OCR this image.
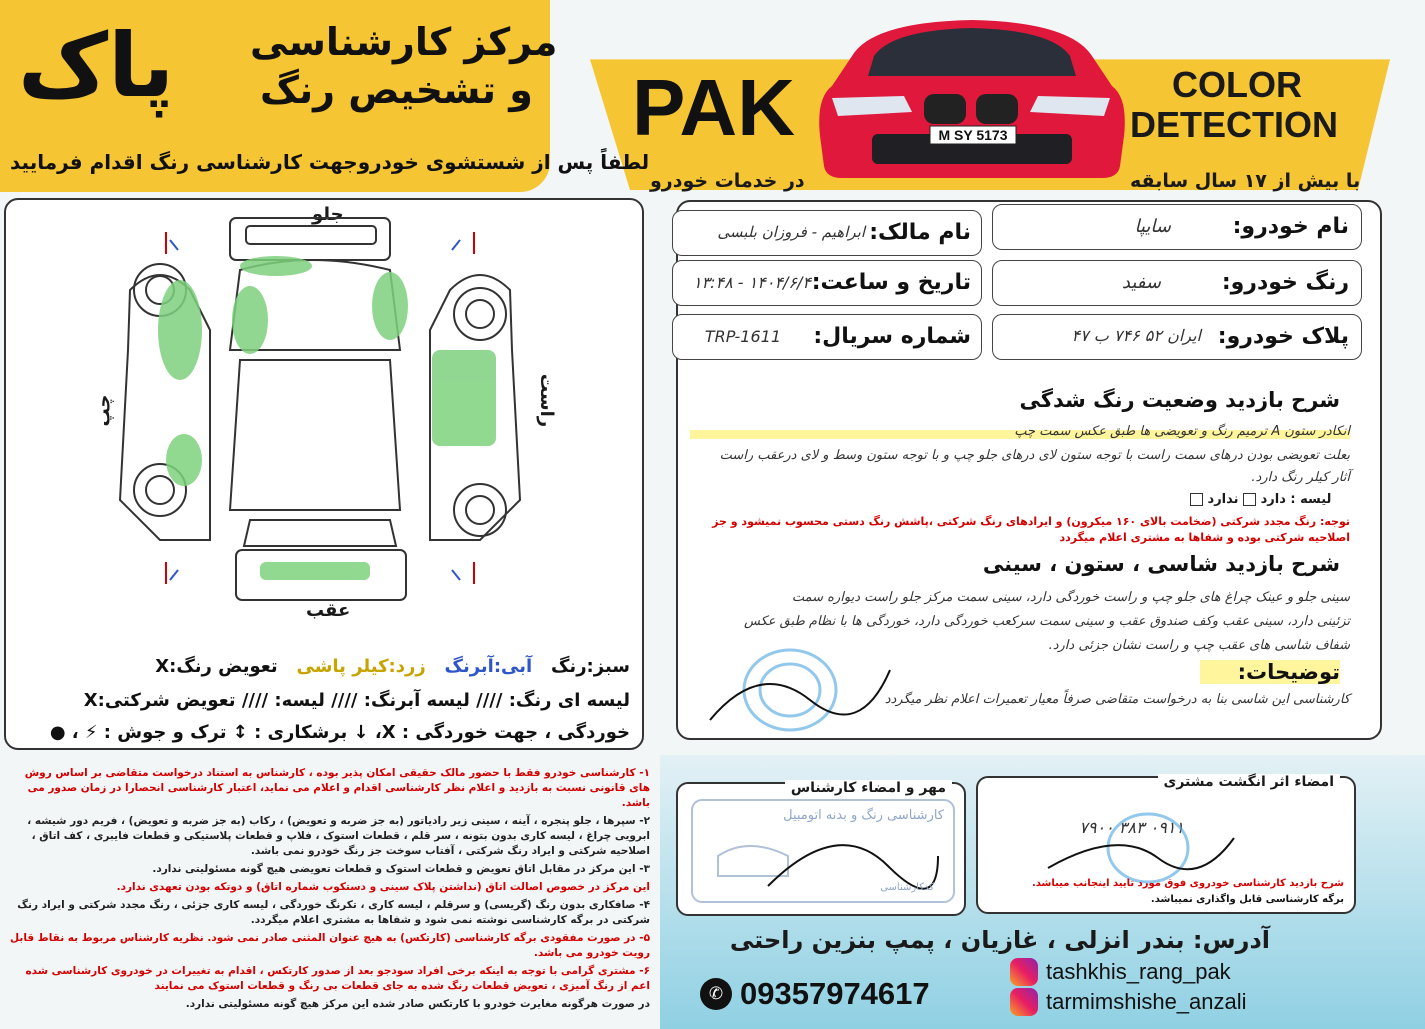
پاک مرکز کارشناسی
و تشخیص رنگ
لطفاً پس از شستشوی خودروجهت کارشناسی رنگ اقدام فرمایید
PAK	COLOR
DETECTION
با بیش از ۱۷ سال سابقه
در خدمات خودرو
M SY 5173
جلو
عقب
راست
چپ
سبز:رنگ   آبی:آبرنگ   زرد:کیلر پاشی   تعویض رنگ:X
لیسه ای رنگ: //// لیسه آبرنگ: //// لیسه: //// تعویض شرکتی:X
خوردگی ، جهت خوردگی : X، ↓ برشکاری : ↕ ترک و جوش : ⚡ ، ●
نام خودرو:
سایپا
نام مالک:
ابراهیم - فروزان بلبسی
رنگ خودرو:
سفید
تاریخ و ساعت:
۱۴۰۴/۶/۴ - ۱۳:۴۸
پلاک خودرو:
ایران ۵۲ ۷۴۶ ب ۴۷
شماره سریال:
TRP-1611
شرح بازدید وضعیت رنگ شدگی
انکادر ستون A ترمیم رنگ و تعویضی ها طبق عکس سمت چپ
بعلت تعویضی بودن درهای سمت راست با توجه ستون لای درهای جلو چپ و با توجه ستون وسط و لای درعقب راست
آثار کیلر رنگ دارد.
لیسه : دارد  ندارد
توجه: رنگ مجدد شرکتی (ضخامت بالای ۱۶۰ میکرون) و ایرادهای رنگ شرکتی ،پاشش رنگ دستی محسوب نمیشود و جز اصلاحیه شرکتی بوده و شفاها به مشتری اعلام میگردد
شرح بازدید شاسی ، ستون ، سینی
سینی جلو و عینک چراغ های جلو چپ و راست خوردگی دارد، سینی سمت مرکز جلو راست دیواره سمت
تزئینی دارد، سینی عقب وکف صندوق عقب و سینی سمت سرکعب خوردگی دارد، خوردگی ها با نظام طبق عکس
شفاف شاسی های عقب چپ و راست نشان جزئی دارد.
توضیحات:
کارشناسی این شاسی بنا به درخواست متقاضی صرفاً معیار تعمیرات اعلام نظر میگردد
۱- کارشناسی خودرو فقط با حضور مالک حقیقی امکان پذیر بوده ، کارشناس به استناد درخواست متقاضی بر اساس روش های قانونی نسبت به بازدید و اعلام نظر کارشناسی اقدام و اعلام می نماید، اعتبار کارشناسی انحصارا در زمان صدور می باشد.
۲- سپرها ، جلو پنجره ، آینه ، سینی زیر رادیاتور (به جز ضربه و تعویض) ، رکاب (به جز ضربه و تعویض) ، فریم دور شیشه ، ابرویی چراغ ، لیسه کاری بدون بتونه ، سر قلم ، قطعات استوک ، فلاپ و قطعات پلاستیکی و قطعات فایبری ، کف اتاق ، اصلاحیه شرکتی و ایراد رنگ شرکتی ، آفتاب سوخت جز رنگ خودرو نمی باشد.
۳- این مرکز در مقابل اتاق تعویض و قطعات استوک و قطعات تعویضی هیچ گونه مسئولیتی ندارد.
این مرکز در خصوص اصالت اتاق (نداشتن پلاک سینی و دستکوب شماره اتاق) و دوتکه بودن تعهدی ندارد.
۴- صافکاری بدون رنگ (گریسی) و سرقلم ، لیسه کاری ، تکرنگ خوردگی ، لیسه کاری جزئی ، رنگ مجدد شرکتی و ایراد رنگ شرکتی در برگه کارشناسی نوشته نمی شود و شفاها به مشتری اعلام میگردد.
۵- در صورت مفقودی برگه کارشناسی (کارتکس) به هیچ عنوان المثنی صادر نمی شود. نظریه کارشناس مربوط به نقاط قابل رویت خودرو می باشد.
۶- مشتری گرامی با توجه به اینکه برخی افراد سودجو بعد از صدور کارتکس ، اقدام به تغییرات در خودروی کارشناسی شده اعم از رنگ آمیزی ، تعویض قطعات رنگ شده به جای قطعات بی رنگ و قطعات استوک می نمایند
در صورت هرگونه مغایرت خودرو با کارتکس صادر شده این مرکز هیچ گونه مسئولیتی ندارد.
مهر و امضاء کارشناس
کارشناسی رنگ و بدنه اتومبیل
کدکارشناسی
امضاء اثر انگشت مشتری
۰۹۱۱ ۳۸۳ ۷۹۰۰
شرح بازدید کارشناسی خودروی فوق مورد تایید اینجانب میباشد.
برگه کارشناسی قابل واگذاری نمیباشد.
آدرس: بندر انزلی ، غازیان ، پمپ بنزین راحتی
✆ 09357974617
tashkhis_rang_pak
tarmimshishe_anzali
